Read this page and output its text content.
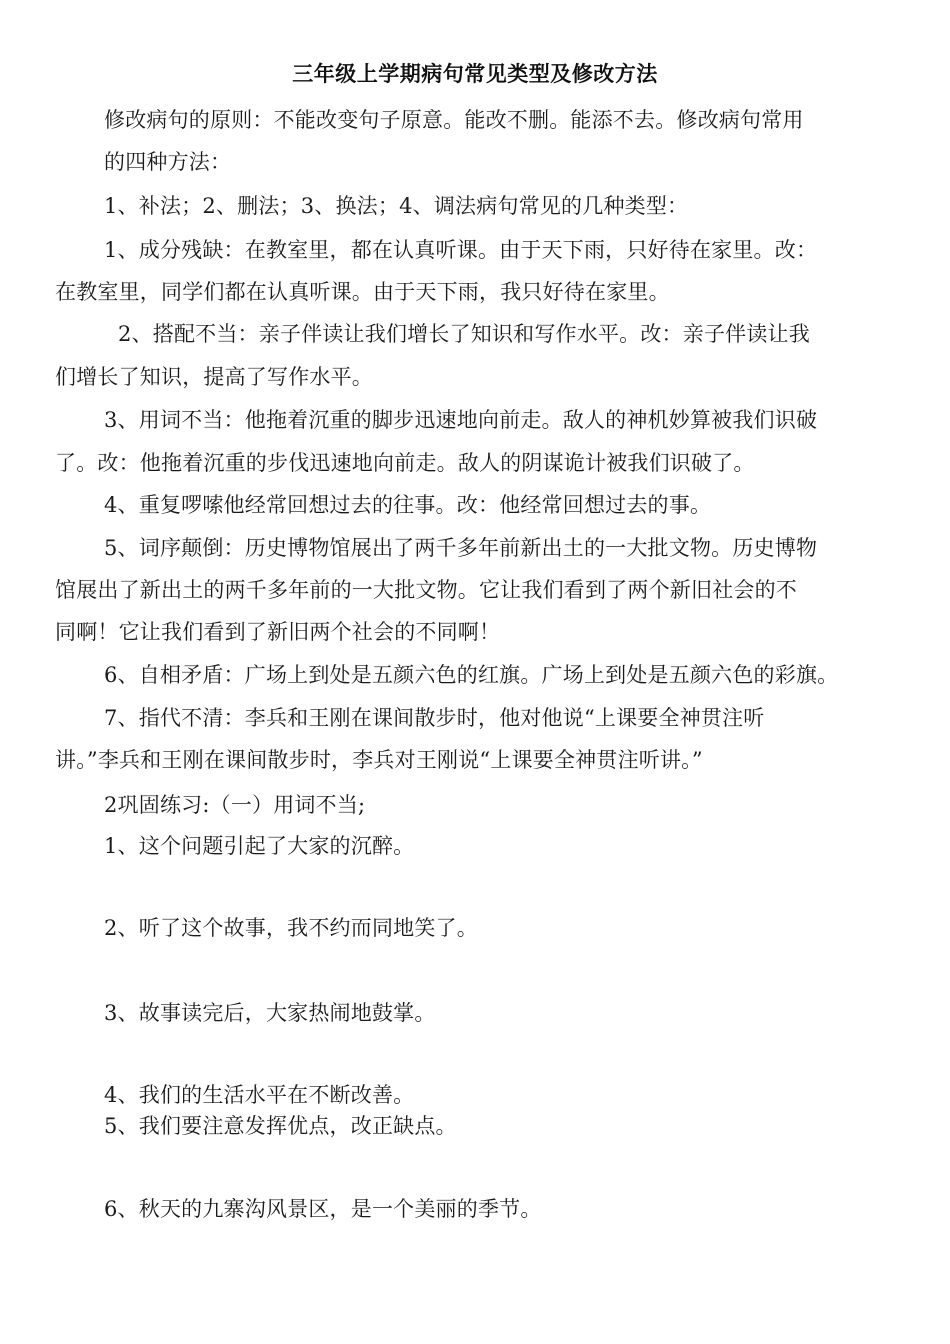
三年级上学期病句常见类型及修改方法
修改病句的原则：不能改变句子原意。能改不删。能添不去。修改病句常用
的四种方法：
1、补法；2、删法；3、换法；4、调法病句常见的几种类型：
1、成分残缺：在教室里，都在认真听课。由于天下雨，只好待在家里。改：
在教室里，同学们都在认真听课。由于天下雨，我只好待在家里。
2、搭配不当：亲子伴读让我们增长了知识和写作水平。改：亲子伴读让我
们增长了知识，提高了写作水平。
3、用词不当：他拖着沉重的脚步迅速地向前走。敌人的神机妙算被我们识破
了。改：他拖着沉重的步伐迅速地向前走。敌人的阴谋诡计被我们识破了。
4、重复啰嗦他经常回想过去的往事。改：他经常回想过去的事。
5、词序颠倒：历史博物馆展出了两千多年前新出土的一大批文物。历史博物
馆展出了新出土的两千多年前的一大批文物。它让我们看到了两个新旧社会的不
同啊！它让我们看到了新旧两个社会的不同啊！
6、自相矛盾：广场上到处是五颜六色的红旗。广场上到处是五颜六色的彩旗。
7、指代不清：李兵和王刚在课间散步时，他对他说“上课要全神贯注听
讲。”李兵和王刚在课间散步时，李兵对王刚说“上课要全神贯注听讲。”
2巩固练习:（一）用词不当;
1、这个问题引起了大家的沉醉。
2、听了这个故事，我不约而同地笑了。
3、故事读完后，大家热闹地鼓掌。
4、我们的生活水平在不断改善。
5、我们要注意发挥优点，改正缺点。
6、秋天的九寨沟风景区，是一个美丽的季节。
